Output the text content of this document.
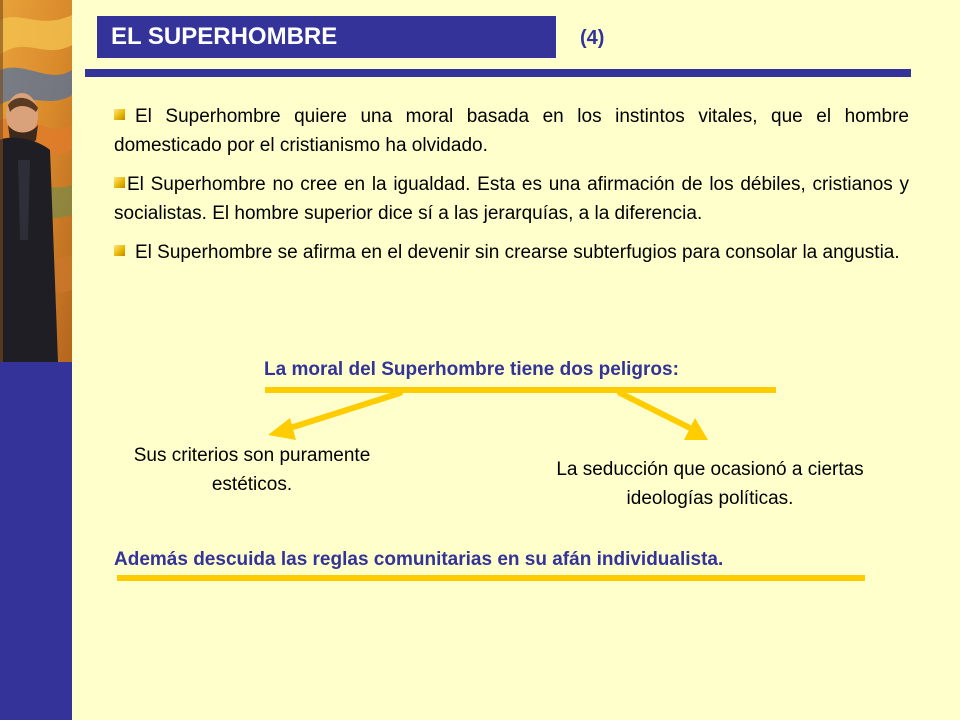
EL SUPERHOMBRE	(4)
El Superhombre quiere una moral basada en los instintos vitales, que el hombre domesticado por el cristianismo ha olvidado.
El Superhombre no cree en la igualdad. Esta es una afirmación de los débiles, cristianos y socialistas. El hombre superior dice sí a las jerarquías, a la diferencia.
El Superhombre se afirma en el devenir sin crearse subterfugios para consolar la angustia.
La moral del Superhombre tiene dos peligros:
Sus criterios son puramente estéticos.
La seducción que ocasionó a ciertas ideologías políticas.
Además descuida las reglas comunitarias en su afán individualista.
